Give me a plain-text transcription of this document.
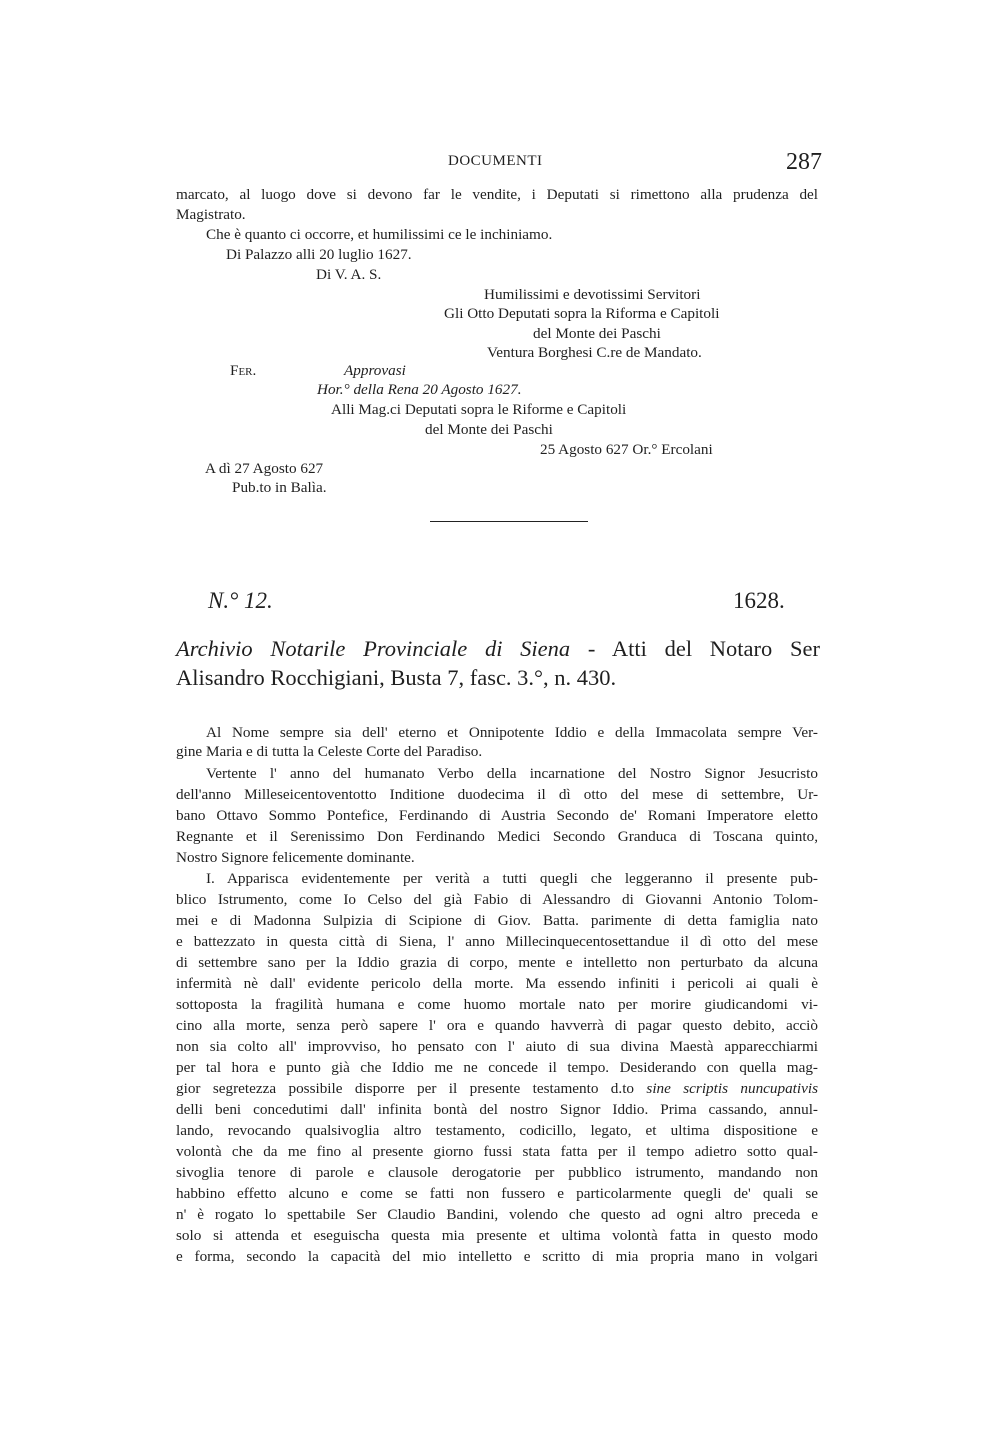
DOCUMENTI	287
marcato, al luogo dove si devono far le vendite, i Deputati si rimettono alla prudenza del
Magistrato.
Che è quanto ci occorre, et humilissimi ce le inchiniamo.
Di Palazzo alli 20 luglio 1627.
Di V. A. S.
Humilissimi e devotissimi Servitori
Gli Otto Deputati sopra la Riforma e Capitoli
del Monte dei Paschi
Ventura Borghesi C.re de Mandato.
Fer.	Approvasi
Hor.° della Rena 20 Agosto 1627.
Alli Mag.ci Deputati sopra le Riforme e Capitoli
del Monte dei Paschi
25 Agosto 627 Or.° Ercolani
A dì 27 Agosto 627
Pub.to in Balìa.
N.° 12.	1628.
Archivio Notarile Provinciale di Siena - Atti del Notaro Ser
Alisandro Rocchigiani, Busta 7, fasc. 3.°, n. 430.
Al Nome sempre sia dell' eterno et Onnipotente Iddio e della Immacolata sempre Ver-
gine Maria e di tutta la Celeste Corte del Paradiso.
Vertente l' anno del humanato Verbo della incarnatione del Nostro Signor Jesucristo
dell'anno Milleseicentoventotto Inditione duodecima il dì otto del mese di settembre, Ur-
bano Ottavo Sommo Pontefice, Ferdinando di Austria Secondo de' Romani Imperatore eletto
Regnante et il Serenissimo Don Ferdinando Medici Secondo Granduca di Toscana quinto,
Nostro Signore felicemente dominante.
I. Apparisca evidentemente per verità a tutti quegli che leggeranno il presente pub-
blico Istrumento, come Io Celso del già Fabio di Alessandro di Giovanni Antonio Tolom-
mei e di Madonna Sulpizia di Scipione di Giov. Batta. parimente di detta famiglia nato
e battezzato in questa città di Siena, l' anno Millecinquecentosettandue il dì otto del mese
di settembre sano per la Iddio grazia di corpo, mente e intelletto non perturbato da alcuna
infermità nè dall' evidente pericolo della morte. Ma essendo infiniti i pericoli ai quali è
sottoposta la fragilità humana e come huomo mortale nato per morire giudicandomi vi-
cino alla morte, senza però sapere l' ora e quando havverrà di pagar questo debito, acciò
non sia colto all' improvviso, ho pensato con l' aiuto di sua divina Maestà apparecchiarmi
per tal hora e punto già che Iddio me ne concede il tempo. Desiderando con quella mag-
gior segretezza possibile disporre per il presente testamento d.to sine scriptis nuncupativis
delli beni concedutimi dall' infinita bontà del nostro Signor Iddio. Prima cassando, annul-
lando, revocando qualsivoglia altro testamento, codicillo, legato, et ultima dispositione e
volontà che da me fino al presente giorno fussi stata fatta per il tempo adietro sotto qual-
sivoglia tenore di parole e clausole derogatorie per pubblico istrumento, mandando non
habbino effetto alcuno e come se fatti non fussero e particolarmente quegli de' quali se
n' è rogato lo spettabile Ser Claudio Bandini, volendo che questo ad ogni altro preceda e
solo si attenda et eseguischa questa mia presente et ultima volontà fatta in questo modo
e forma, secondo la capacità del mio intelletto e scritto di mia propria mano in volgari
